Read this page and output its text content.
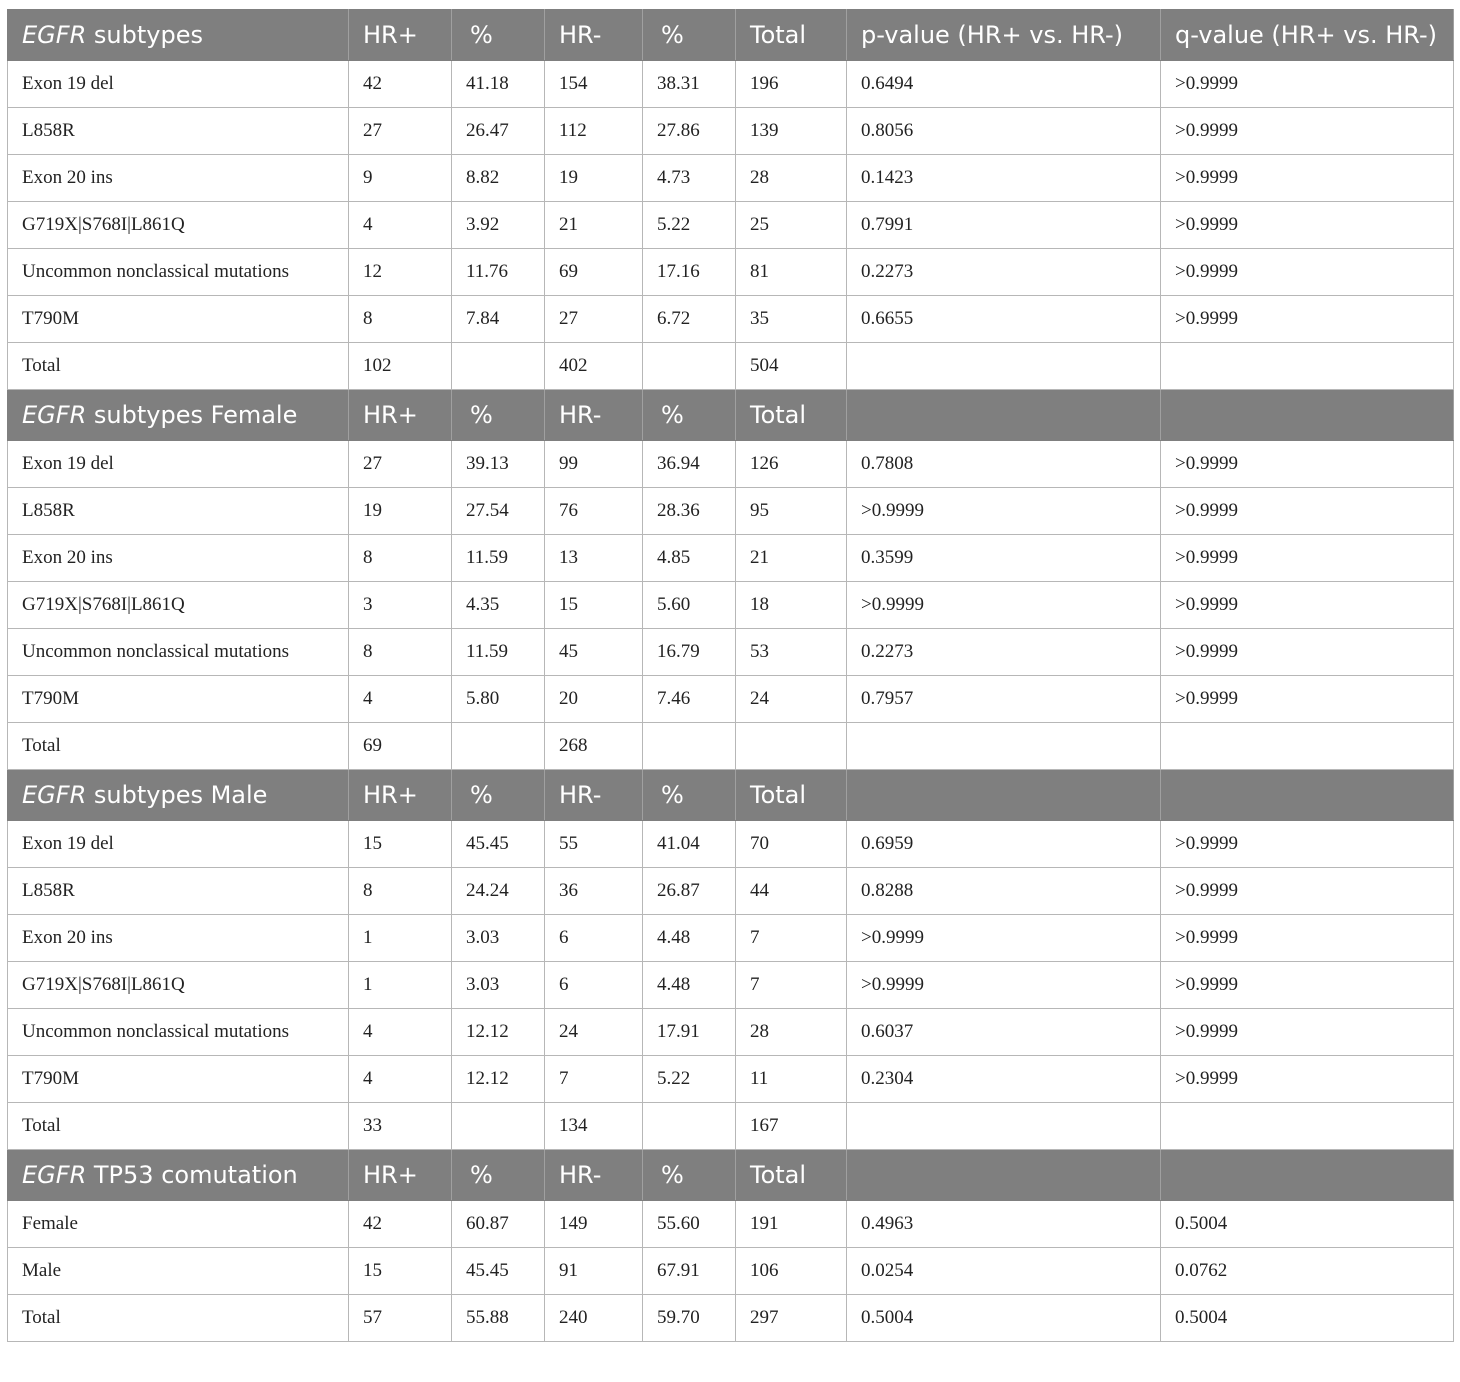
EGFR subtypes	HR+	%	HR-	%	Total	p-value (HR+ vs. HR-)	q-value (HR+ vs. HR-)
Exon 19 del	42	41.18	154	38.31	196	0.6494	>0.9999
L858R	27	26.47	112	27.86	139	0.8056	>0.9999
Exon 20 ins	9	8.82	19	4.73	28	0.1423	>0.9999
G719X|S768I|L861Q	4	3.92	21	5.22	25	0.7991	>0.9999
Uncommon nonclassical mutations	12	11.76	69	17.16	81	0.2273	>0.9999
T790M	8	7.84	27	6.72	35	0.6655	>0.9999
Total	102		402		504		
EGFR subtypes Female	HR+	%	HR-	%	Total		
Exon 19 del	27	39.13	99	36.94	126	0.7808	>0.9999
L858R	19	27.54	76	28.36	95	>0.9999	>0.9999
Exon 20 ins	8	11.59	13	4.85	21	0.3599	>0.9999
G719X|S768I|L861Q	3	4.35	15	5.60	18	>0.9999	>0.9999
Uncommon nonclassical mutations	8	11.59	45	16.79	53	0.2273	>0.9999
T790M	4	5.80	20	7.46	24	0.7957	>0.9999
Total	69		268				
EGFR subtypes Male	HR+	%	HR-	%	Total		
Exon 19 del	15	45.45	55	41.04	70	0.6959	>0.9999
L858R	8	24.24	36	26.87	44	0.8288	>0.9999
Exon 20 ins	1	3.03	6	4.48	7	>0.9999	>0.9999
G719X|S768I|L861Q	1	3.03	6	4.48	7	>0.9999	>0.9999
Uncommon nonclassical mutations	4	12.12	24	17.91	28	0.6037	>0.9999
T790M	4	12.12	7	5.22	11	0.2304	>0.9999
Total	33		134		167		
EGFR TP53 comutation	HR+	%	HR-	%	Total		
Female	42	60.87	149	55.60	191	0.4963	0.5004
Male	15	45.45	91	67.91	106	0.0254	0.0762
Total	57	55.88	240	59.70	297	0.5004	0.5004
